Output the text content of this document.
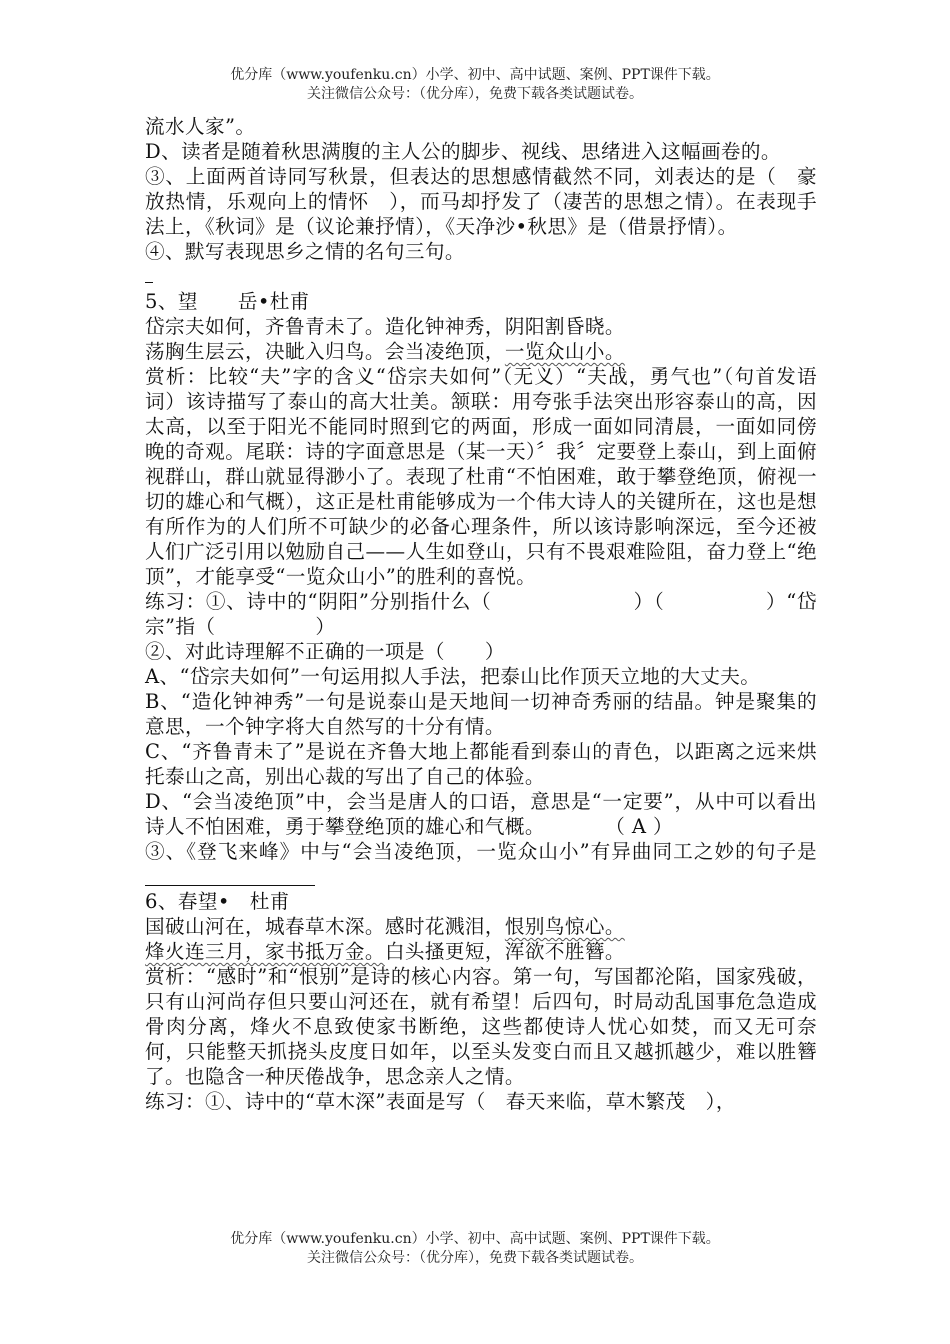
优分库（www.youfenku.cn）小学、初中、高中试题、案例、PPT课件下载。
关注微信公众号：（优分库），免费下载各类试题试卷。

流水人家”。

D、读者是随着秋思满腹的主人公的脚步、视线、思绪进入这幅画卷的。

③、上面两首诗同写秋景，但表达的思想感情截然不同，刘表达的是（　豪放热情，乐观向上的情怀　），而马却抒发了（凄苦的思想之情）。在表现手法上，《秋词》是（议论兼抒情），《天净沙•秋思》是（借景抒情）。

④、默写表现思乡之情的名句三句。

5、望　　岳•杜甫

岱宗夫如何，齐鲁青未了。造化钟神秀，阴阳割昏晓。

荡胸生层云，决眦入归鸟。会当凌绝顶，一览众山小。

赏析：比较“夫”字的含义“岱宗夫如何”（无义）“夫战，勇气也”（句首发语词）该诗描写了泰山的高大壮美。颔联：用夸张手法突出形容泰山的高，因太高，以至于阳光不能同时照到它的两面，形成一面如同清晨，一面如同傍晚的奇观。尾联：诗的字面意思是（某一天）〞我〞定要登上泰山，到上面俯视群山，群山就显得渺小了。表现了杜甫“不怕困难，敢于攀登绝顶，俯视一切的雄心和气概），这正是杜甫能够成为一个伟大诗人的关键所在，这也是想有所作为的人们所不可缺少的必备心理条件，所以该诗影响深远，至今还被人们广泛引用以勉励自己——人生如登山，只有不畏艰难险阻，奋力登上“绝顶”，才能享受“一览众山小”的胜利的喜悦。

练习：①、诗中的“阴阳”分别指什么（　　　　　　　）（　　　　　）“岱宗”指（　　　　　）

②、对此诗理解不正确的一项是（　　）

A、“岱宗夫如何”一句运用拟人手法，把泰山比作顶天立地的大丈夫。

B、“造化钟神秀”一句是说泰山是天地间一切神奇秀丽的结晶。钟是聚集的意思，一个钟字将大自然写的十分有情。

C、“齐鲁青未了”是说在齐鲁大地上都能看到泰山的青色，以距离之远来烘托泰山之高，别出心裁的写出了自己的体验。

D、“会当凌绝顶”中，会当是唐人的口语，意思是“一定要”，从中可以看出诗人不怕困难，勇于攀登绝顶的雄心和气概。　　　　（ A ）

③、《登飞来峰》中与“会当凌绝顶，一览众山小”有异曲同工之妙的句子是

6、春望•　杜甫

国破山河在，城春草木深。感时花溅泪，恨别鸟惊心。

烽火连三月，家书抵万金。白头搔更短，浑欲不胜簪。

赏析：“感时”和“恨别”是诗的核心内容。第一句，写国都沦陷，国家残破，只有山河尚存但只要山河还在，就有希望！后四句，时局动乱国事危急造成骨肉分离，烽火不息致使家书断绝，这些都使诗人忧心如焚，而又无可奈何，只能整天抓挠头皮度日如年，以至头发变白而且又越抓越少，难以胜簪了。也隐含一种厌倦战争，思念亲人之情。

练习：①、诗中的“草木深”表面是写（　春天来临，草木繁茂　），

优分库（www.youfenku.cn）小学、初中、高中试题、案例、PPT课件下载。
关注微信公众号：（优分库），免费下载各类试题试卷。
